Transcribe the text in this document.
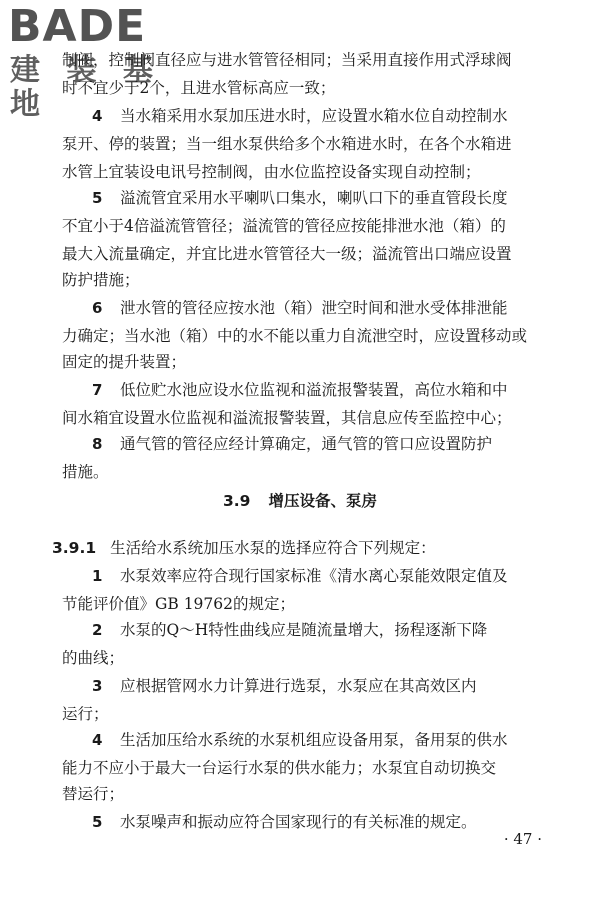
BADE
建 装 基 地
制阀，控制阀直径应与进水管管径相同；当采用直接作用式浮球阀
时不宜少于2个，且进水管标高应一致；
4 当水箱采用水泵加压进水时，应设置水箱水位自动控制水
泵开、停的装置；当一组水泵供给多个水箱进水时，在各个水箱进
水管上宜装设电讯号控制阀，由水位监控设备实现自动控制；
5 溢流管宜采用水平喇叭口集水，喇叭口下的垂直管段长度
不宜小于4倍溢流管管径；溢流管的管径应按能排泄水池（箱）的
最大入流量确定，并宜比进水管管径大一级；溢流管出口端应设置
防护措施；
6 泄水管的管径应按水池（箱）泄空时间和泄水受体排泄能
力确定；当水池（箱）中的水不能以重力自流泄空时，应设置移动或
固定的提升装置；
7 低位贮水池应设水位监视和溢流报警装置，高位水箱和中
间水箱宜设置水位监视和溢流报警装置，其信息应传至监控中心；
8 通气管的管径应经计算确定，通气管的管口应设置防护
措施。
3.9 增压设备、泵房
3.9.1 生活给水系统加压水泵的选择应符合下列规定：
1 水泵效率应符合现行国家标准《清水离心泵能效限定值及
节能评价值》GB 19762的规定；
2 水泵的Q～H特性曲线应是随流量增大，扬程逐渐下降
的曲线；
3 应根据管网水力计算进行选泵，水泵应在其高效区内
运行；
4 生活加压给水系统的水泵机组应设备用泵，备用泵的供水
能力不应小于最大一台运行水泵的供水能力；水泵宜自动切换交
替运行；
5 水泵噪声和振动应符合国家现行的有关标准的规定。
· 47 ·
